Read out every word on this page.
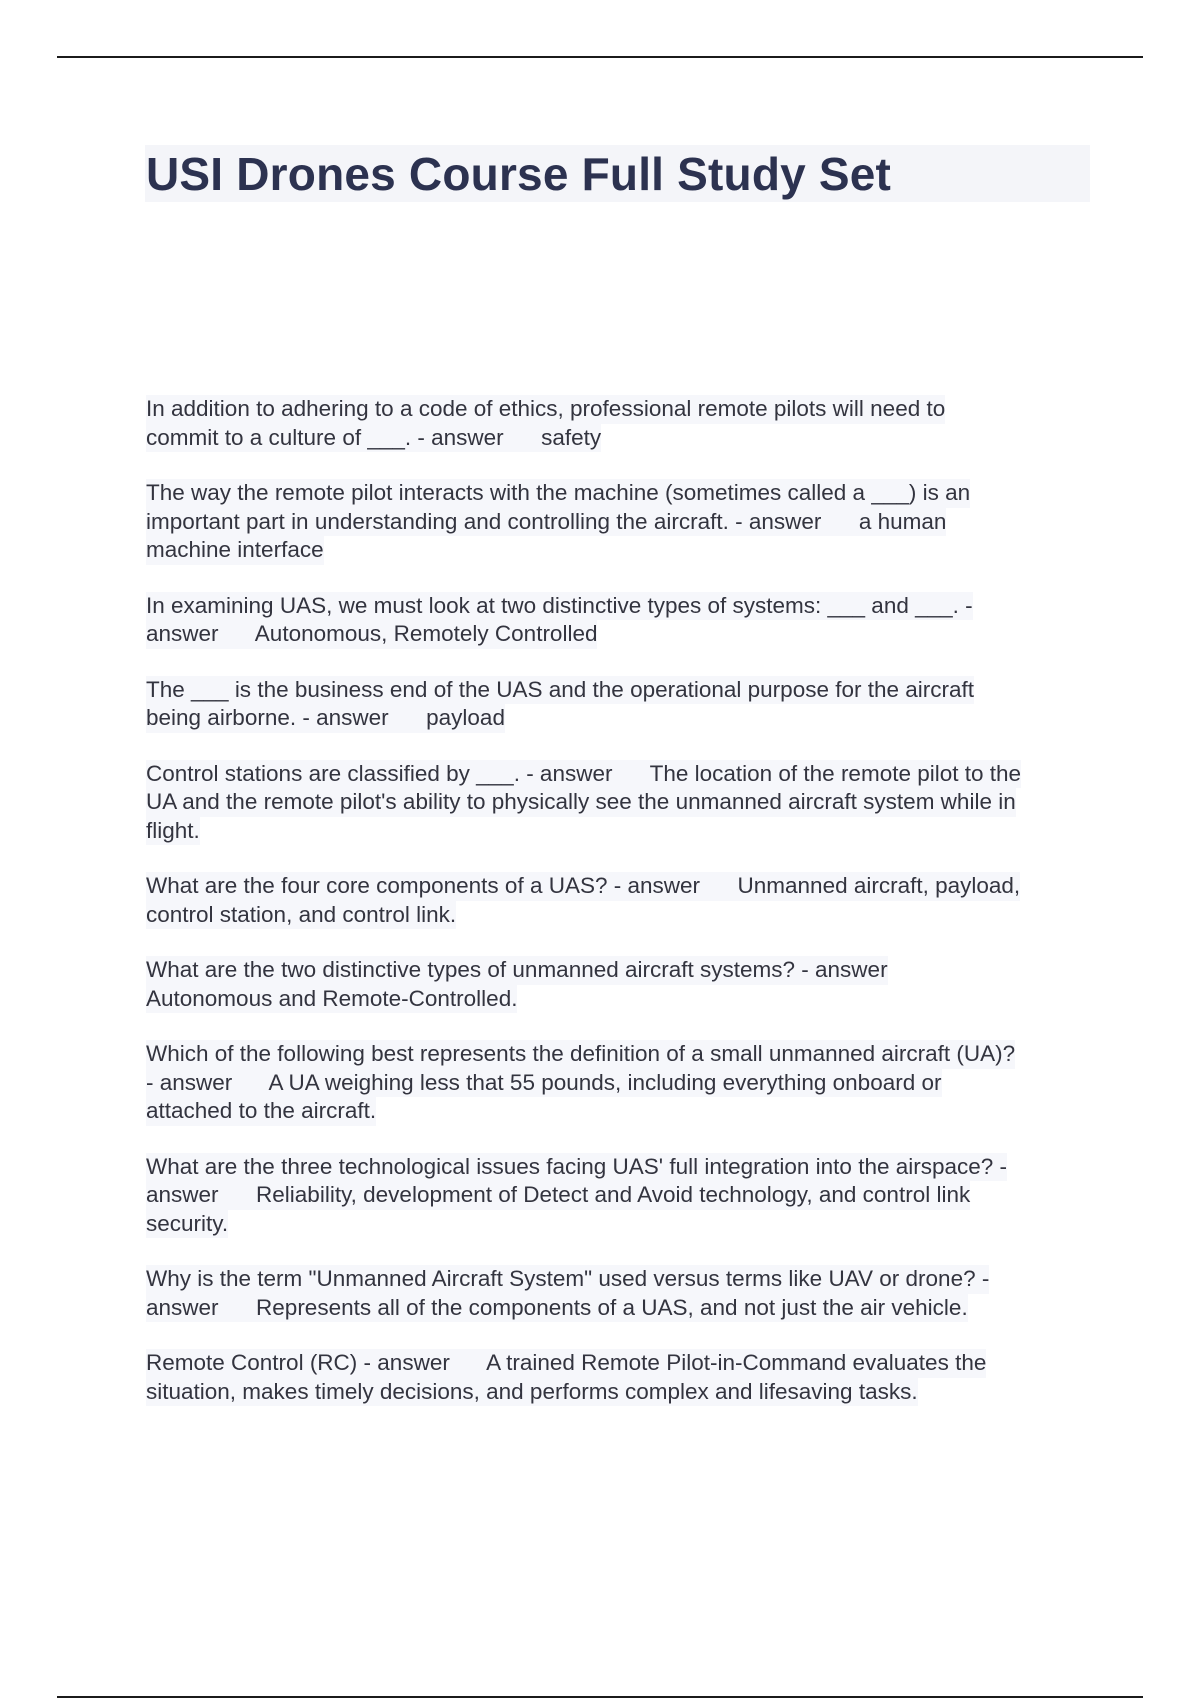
USI Drones Course Full Study Set
In addition to adhering to a code of ethics, professional remote pilots will need to
commit to a culture of ___. - answer      safety
The way the remote pilot interacts with the machine (sometimes called a ___) is an
important part in understanding and controlling the aircraft. - answer      a human
machine interface
In examining UAS, we must look at two distinctive types of systems: ___ and ___. -
answer      Autonomous, Remotely Controlled
The ___ is the business end of the UAS and the operational purpose for the aircraft
being airborne. - answer      payload
Control stations are classified by ___. - answer      The location of the remote pilot to the
UA and the remote pilot's ability to physically see the unmanned aircraft system while in
flight.
What are the four core components of a UAS? - answer      Unmanned aircraft, payload,
control station, and control link.
What are the two distinctive types of unmanned aircraft systems? - answer
Autonomous and Remote-Controlled.
Which of the following best represents the definition of a small unmanned aircraft (UA)?
- answer      A UA weighing less that 55 pounds, including everything onboard or
attached to the aircraft.
What are the three technological issues facing UAS' full integration into the airspace? -
answer      Reliability, development of Detect and Avoid technology, and control link
security.
Why is the term "Unmanned Aircraft System" used versus terms like UAV or drone? -
answer      Represents all of the components of a UAS, and not just the air vehicle.
Remote Control (RC) - answer      A trained Remote Pilot-in-Command evaluates the
situation, makes timely decisions, and performs complex and lifesaving tasks.
